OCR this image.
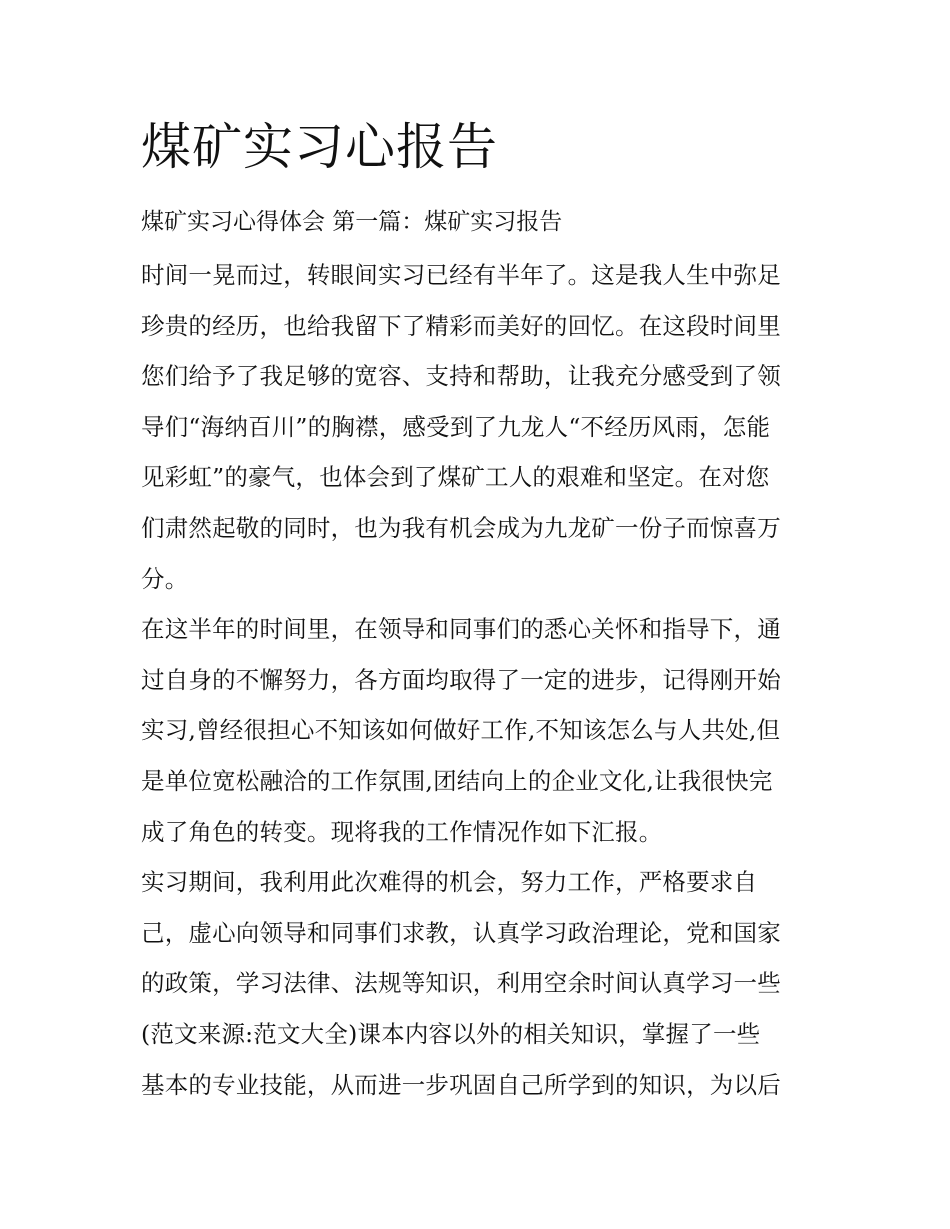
煤矿实习心报告
煤矿实习心得体会 第一篇：煤矿实习报告
时间一晃而过，转眼间实习已经有半年了。这是我人生中弥足
珍贵的经历，也给我留下了精彩而美好的回忆。在这段时间里
您们给予了我足够的宽容、支持和帮助，让我充分感受到了领
导们“海纳百川”的胸襟，感受到了九龙人“不经历风雨，怎能
见彩虹”的豪气，也体会到了煤矿工人的艰难和坚定。在对您
们肃然起敬的同时，也为我有机会成为九龙矿一份子而惊喜万
分。
在这半年的时间里，在领导和同事们的悉心关怀和指导下，通
过自身的不懈努力，各方面均取得了一定的进步，记得刚开始
实习,曾经很担心不知该如何做好工作,不知该怎么与人共处,但
是单位宽松融洽的工作氛围,团结向上的企业文化,让我很快完
成了角色的转变。现将我的工作情况作如下汇报。
实习期间，我利用此次难得的机会，努力工作，严格要求自
己，虚心向领导和同事们求教，认真学习政治理论，党和国家
的政策，学习法律、法规等知识，利用空余时间认真学习一些
(范文来源:范文大全)课本内容以外的相关知识，掌握了一些
基本的专业技能，从而进一步巩固自己所学到的知识，为以后
